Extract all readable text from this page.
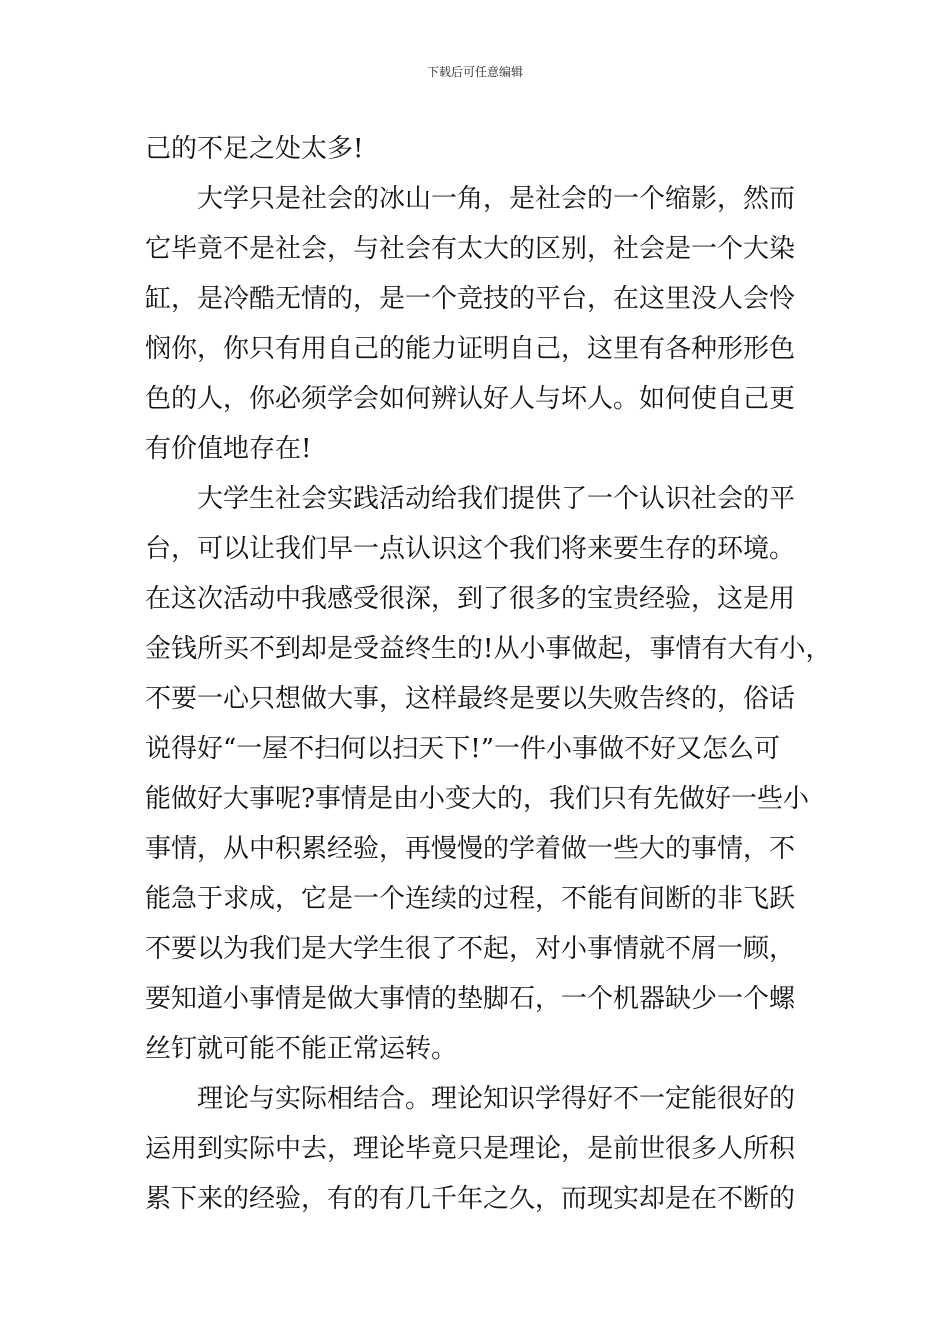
下载后可任意编辑
己的不足之处太多!
大学只是社会的冰山一角，是社会的一个缩影，然而
它毕竟不是社会，与社会有太大的区别，社会是一个大染
缸，是冷酷无情的，是一个竞技的平台，在这里没人会怜
悯你，你只有用自己的能力证明自己，这里有各种形形色
色的人，你必须学会如何辨认好人与坏人。如何使自己更
有价值地存在!
大学生社会实践活动给我们提供了一个认识社会的平
台，可以让我们早一点认识这个我们将来要生存的环境。
在这次活动中我感受很深，到了很多的宝贵经验，这是用
金钱所买不到却是受益终生的!从小事做起，事情有大有小，
不要一心只想做大事，这样最终是要以失败告终的，俗话
说得好“一屋不扫何以扫天下!”一件小事做不好又怎么可
能做好大事呢?事情是由小变大的，我们只有先做好一些小
事情，从中积累经验，再慢慢的学着做一些大的事情，不
能急于求成，它是一个连续的过程，不能有间断的非飞跃
不要以为我们是大学生很了不起，对小事情就不屑一顾，
要知道小事情是做大事情的垫脚石，一个机器缺少一个螺
丝钉就可能不能正常运转。
理论与实际相结合。理论知识学得好不一定能很好的
运用到实际中去，理论毕竟只是理论，是前世很多人所积
累下来的经验，有的有几千年之久，而现实却是在不断的
